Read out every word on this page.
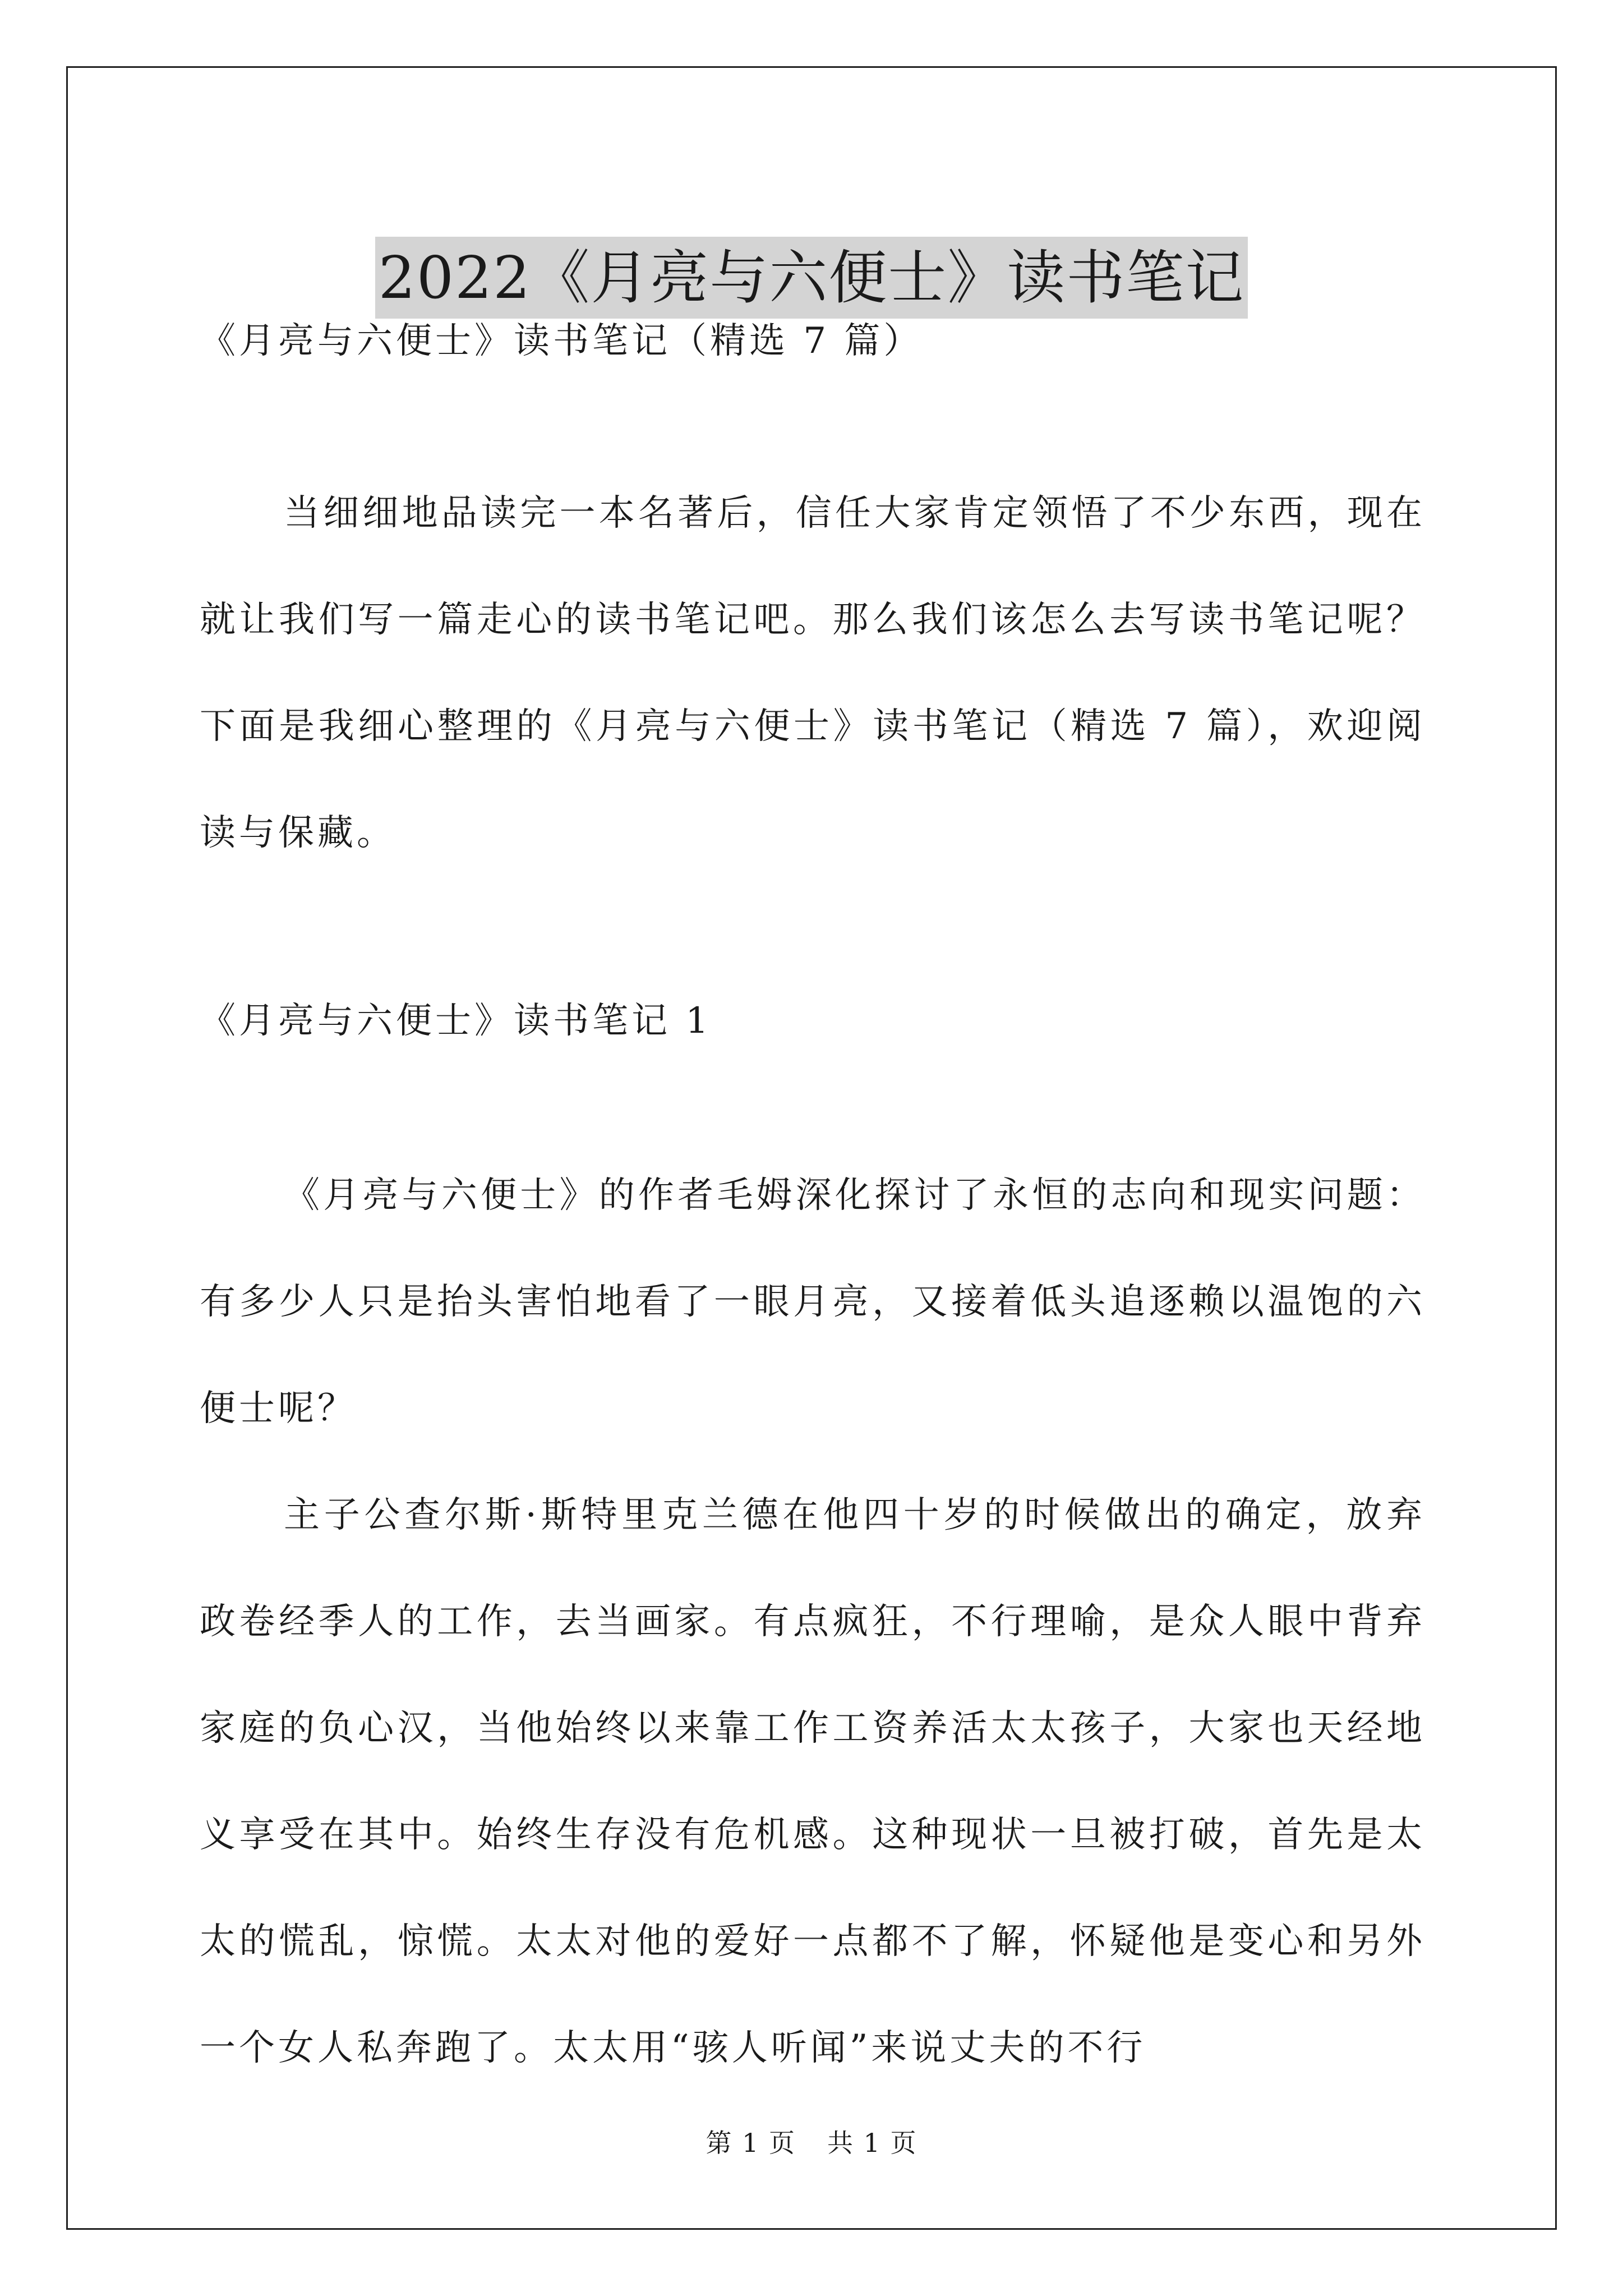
2022《月亮与六便士》读书笔记

《月亮与六便士》读书笔记（精选 7 篇）

当细细地品读完一本名著后，信任大家肯定领悟了不少东西，现在就让我们写一篇走心的读书笔记吧。那么我们该怎么去写读书笔记呢？下面是我细心整理的《月亮与六便士》读书笔记（精选 7 篇），欢迎阅读与保藏。

《月亮与六便士》读书笔记 1

《月亮与六便士》的作者毛姆深化探讨了永恒的志向和现实问题：有多少人只是抬头害怕地看了一眼月亮，又接着低头追逐赖以温饱的六便士呢？

主子公查尔斯·斯特里克兰德在他四十岁的时候做出的确定，放弃政卷经季人的工作，去当画家。有点疯狂，不行理喻，是众人眼中背弃家庭的负心汉，当他始终以来靠工作工资养活太太孩子，大家也天经地义享受在其中。始终生存没有危机感。这种现状一旦被打破，首先是太太的慌乱，惊慌。太太对他的爱好一点都不了解，怀疑他是变心和另外一个女人私奔跑了。太太用“骇人听闻”来说丈夫的不行

第 1 页 共 1 页
